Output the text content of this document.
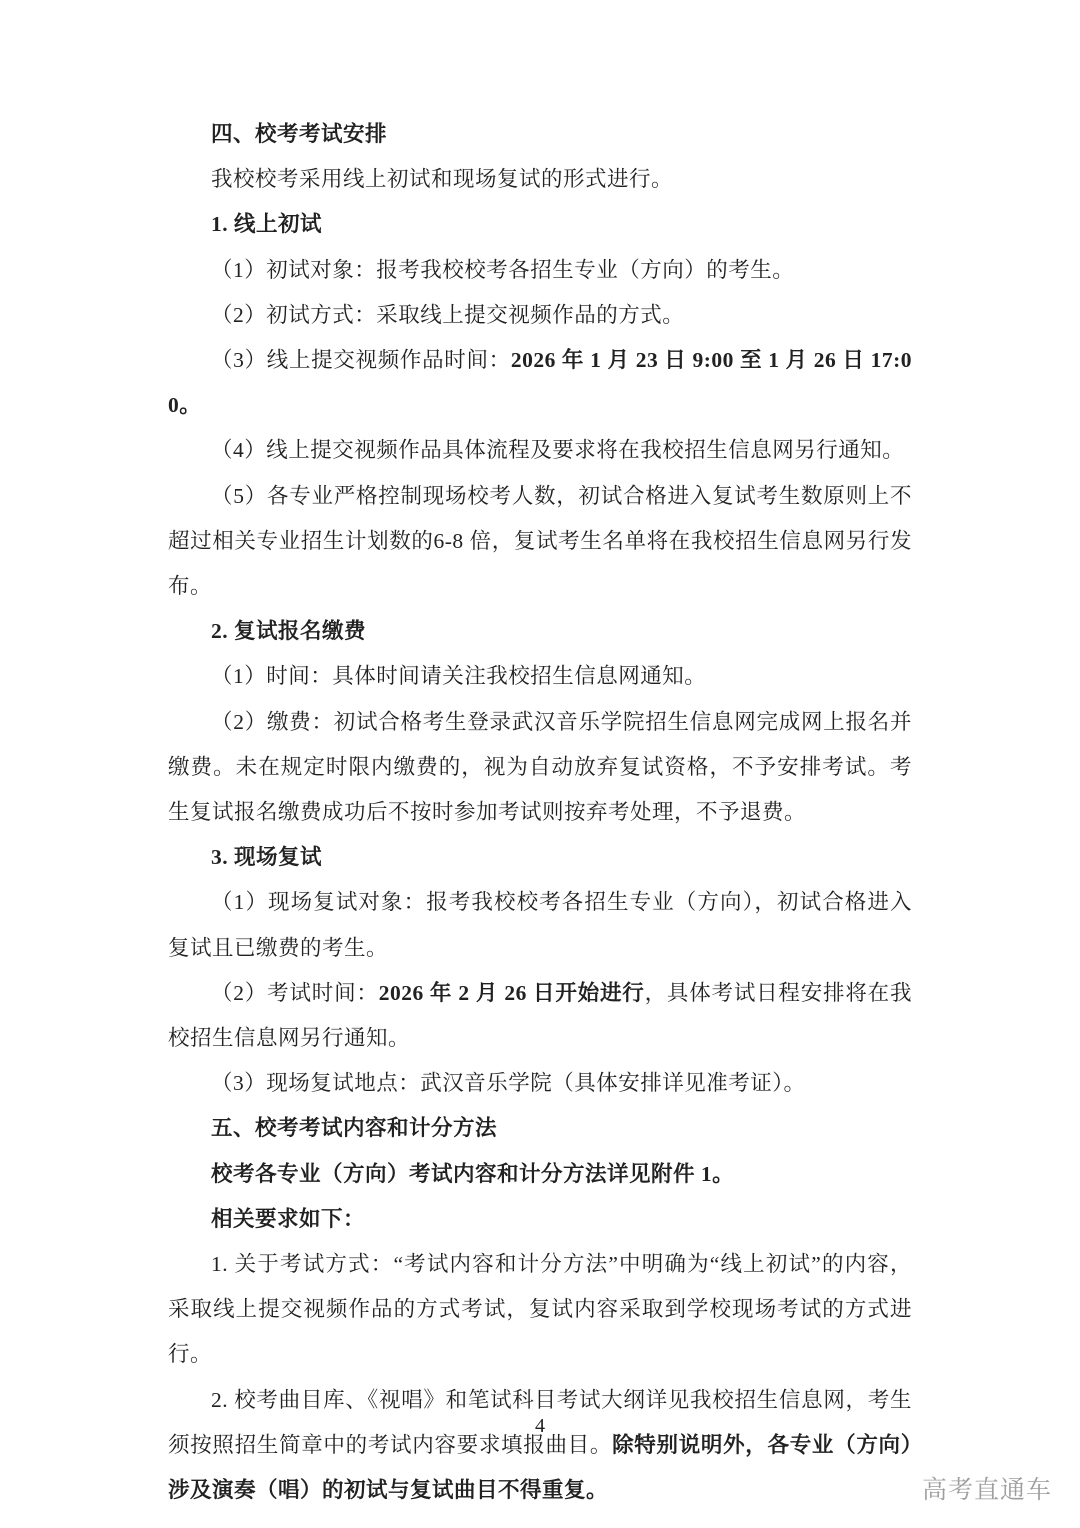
四、校考考试安排

我校校考采用线上初试和现场复试的形式进行。

1. 线上初试

（1）初试对象：报考我校校考各招生专业（方向）的考生。

（2）初试方式：采取线上提交视频作品的方式。

（3）线上提交视频作品时间：2026 年 1 月 23 日 9:00 至 1 月 26 日 17:00。

（4）线上提交视频作品具体流程及要求将在我校招生信息网另行通知。

（5）各专业严格控制现场校考人数，初试合格进入复试考生数原则上不超过相关专业招生计划数的6-8 倍，复试考生名单将在我校招生信息网另行发布。

2. 复试报名缴费

（1）时间：具体时间请关注我校招生信息网通知。

（2）缴费：初试合格考生登录武汉音乐学院招生信息网完成网上报名并缴费。未在规定时限内缴费的，视为自动放弃复试资格，不予安排考试。考生复试报名缴费成功后不按时参加考试则按弃考处理，不予退费。

3. 现场复试

（1）现场复试对象：报考我校校考各招生专业（方向），初试合格进入复试且已缴费的考生。

（2）考试时间：2026 年 2 月 26 日开始进行，具体考试日程安排将在我校招生信息网另行通知。

（3）现场复试地点：武汉音乐学院（具体安排详见准考证）。

五、校考考试内容和计分方法

校考各专业（方向）考试内容和计分方法详见附件 1。

相关要求如下：

1. 关于考试方式：“考试内容和计分方法”中明确为“线上初试”的内容，采取线上提交视频作品的方式考试，复试内容采取到学校现场考试的方式进行。

2. 校考曲目库、《视唱》和笔试科目考试大纲详见我校招生信息网，考生须按照招生简章中的考试内容要求填报曲目。除特别说明外，各专业（方向）涉及演奏（唱）的初试与复试曲目不得重复。

4
高考直通车
